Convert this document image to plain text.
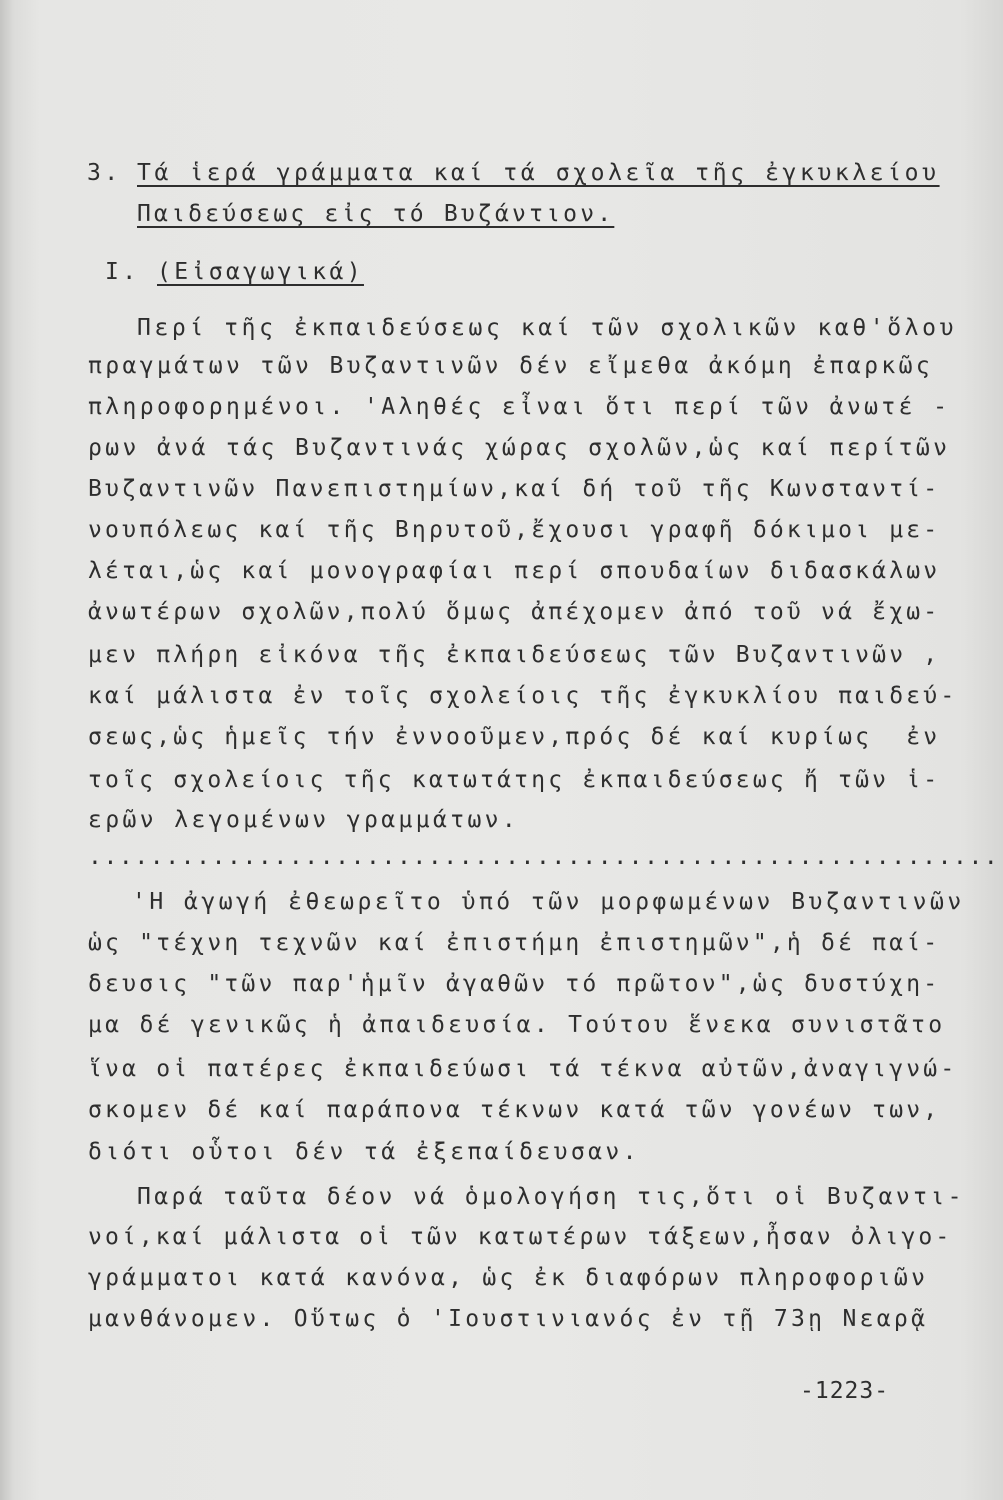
3. Τά ἱερά γράμματα καί τά σχολεῖα τῆς ἐγκυκλείου
Παιδεύσεως εἰς τό Βυζάντιον.
I. (Εἰσαγωγικά)
Περί τῆς ἐκπαιδεύσεως καί τῶν σχολικῶν καθ'ὅλου
πραγμάτων τῶν Βυζαντινῶν δέν εἴμεθα ἀκόμη ἐπαρκῶς
πληροφορημένοι. 'Αληθές εἶναι ὅτι περί τῶν ἀνωτέ -
ρων ἀνά τάς Βυζαντινάς χώρας σχολῶν,ὡς καί περίτῶν
Βυζαντινῶν Πανεπιστημίων,καί δή τοῦ τῆς Κωνσταντί-
νουπόλεως καί τῆς Βηρυτοῦ,ἔχουσι γραφῆ δόκιμοι με-
λέται,ὡς καί μονογραφίαι περί σπουδαίων διδασκάλων
ἀνωτέρων σχολῶν,πολύ ὅμως ἀπέχομεν ἀπό τοῦ νά ἔχω-
μεν πλήρη εἰκόνα τῆς ἐκπαιδεύσεως τῶν Βυζαντινῶν ,
καί μάλιστα ἐν τοῖς σχολείοις τῆς ἐγκυκλίου παιδεύ-
σεως,ὡς ἡμεῖς τήν ἐννοοῦμεν,πρός δέ καί κυρίως  ἐν
τοῖς σχολείοις τῆς κατωτάτης ἐκπαιδεύσεως ἤ τῶν ἱ-
ερῶν λεγομένων γραμμάτων.
...........................................................
'Η ἀγωγή ἐθεωρεῖτο ὑπό τῶν μορφωμένων Βυζαντινῶν
ὡς "τέχνη τεχνῶν καί ἐπιστήμη ἐπιστημῶν",ἡ δέ παί-
δευσις "τῶν παρ'ἡμῖν ἀγαθῶν τό πρῶτον",ὡς δυστύχη-
μα δέ γενικῶς ἡ ἀπαιδευσία. Τούτου ἕνεκα συνιστᾶτο
ἵνα οἱ πατέρες ἐκπαιδεύωσι τά τέκνα αὐτῶν,ἀναγιγνώ-
σκομεν δέ καί παράπονα τέκνων κατά τῶν γονέων των,
διότι οὗτοι δέν τά ἐξεπαίδευσαν.
Παρά ταῦτα δέον νά ὁμολογήση τις,ὅτι οἱ Βυζαντι-
νοί,καί μάλιστα οἱ τῶν κατωτέρων τάξεων,ἦσαν ὀλιγο-
γράμματοι κατά κανόνα, ὡς ἐκ διαφόρων πληροφοριῶν
μανθάνομεν. Οὕτως ὁ 'Ιουστινιανός ἐν τῇ 73ῃ Νεαρᾷ
-1223-
